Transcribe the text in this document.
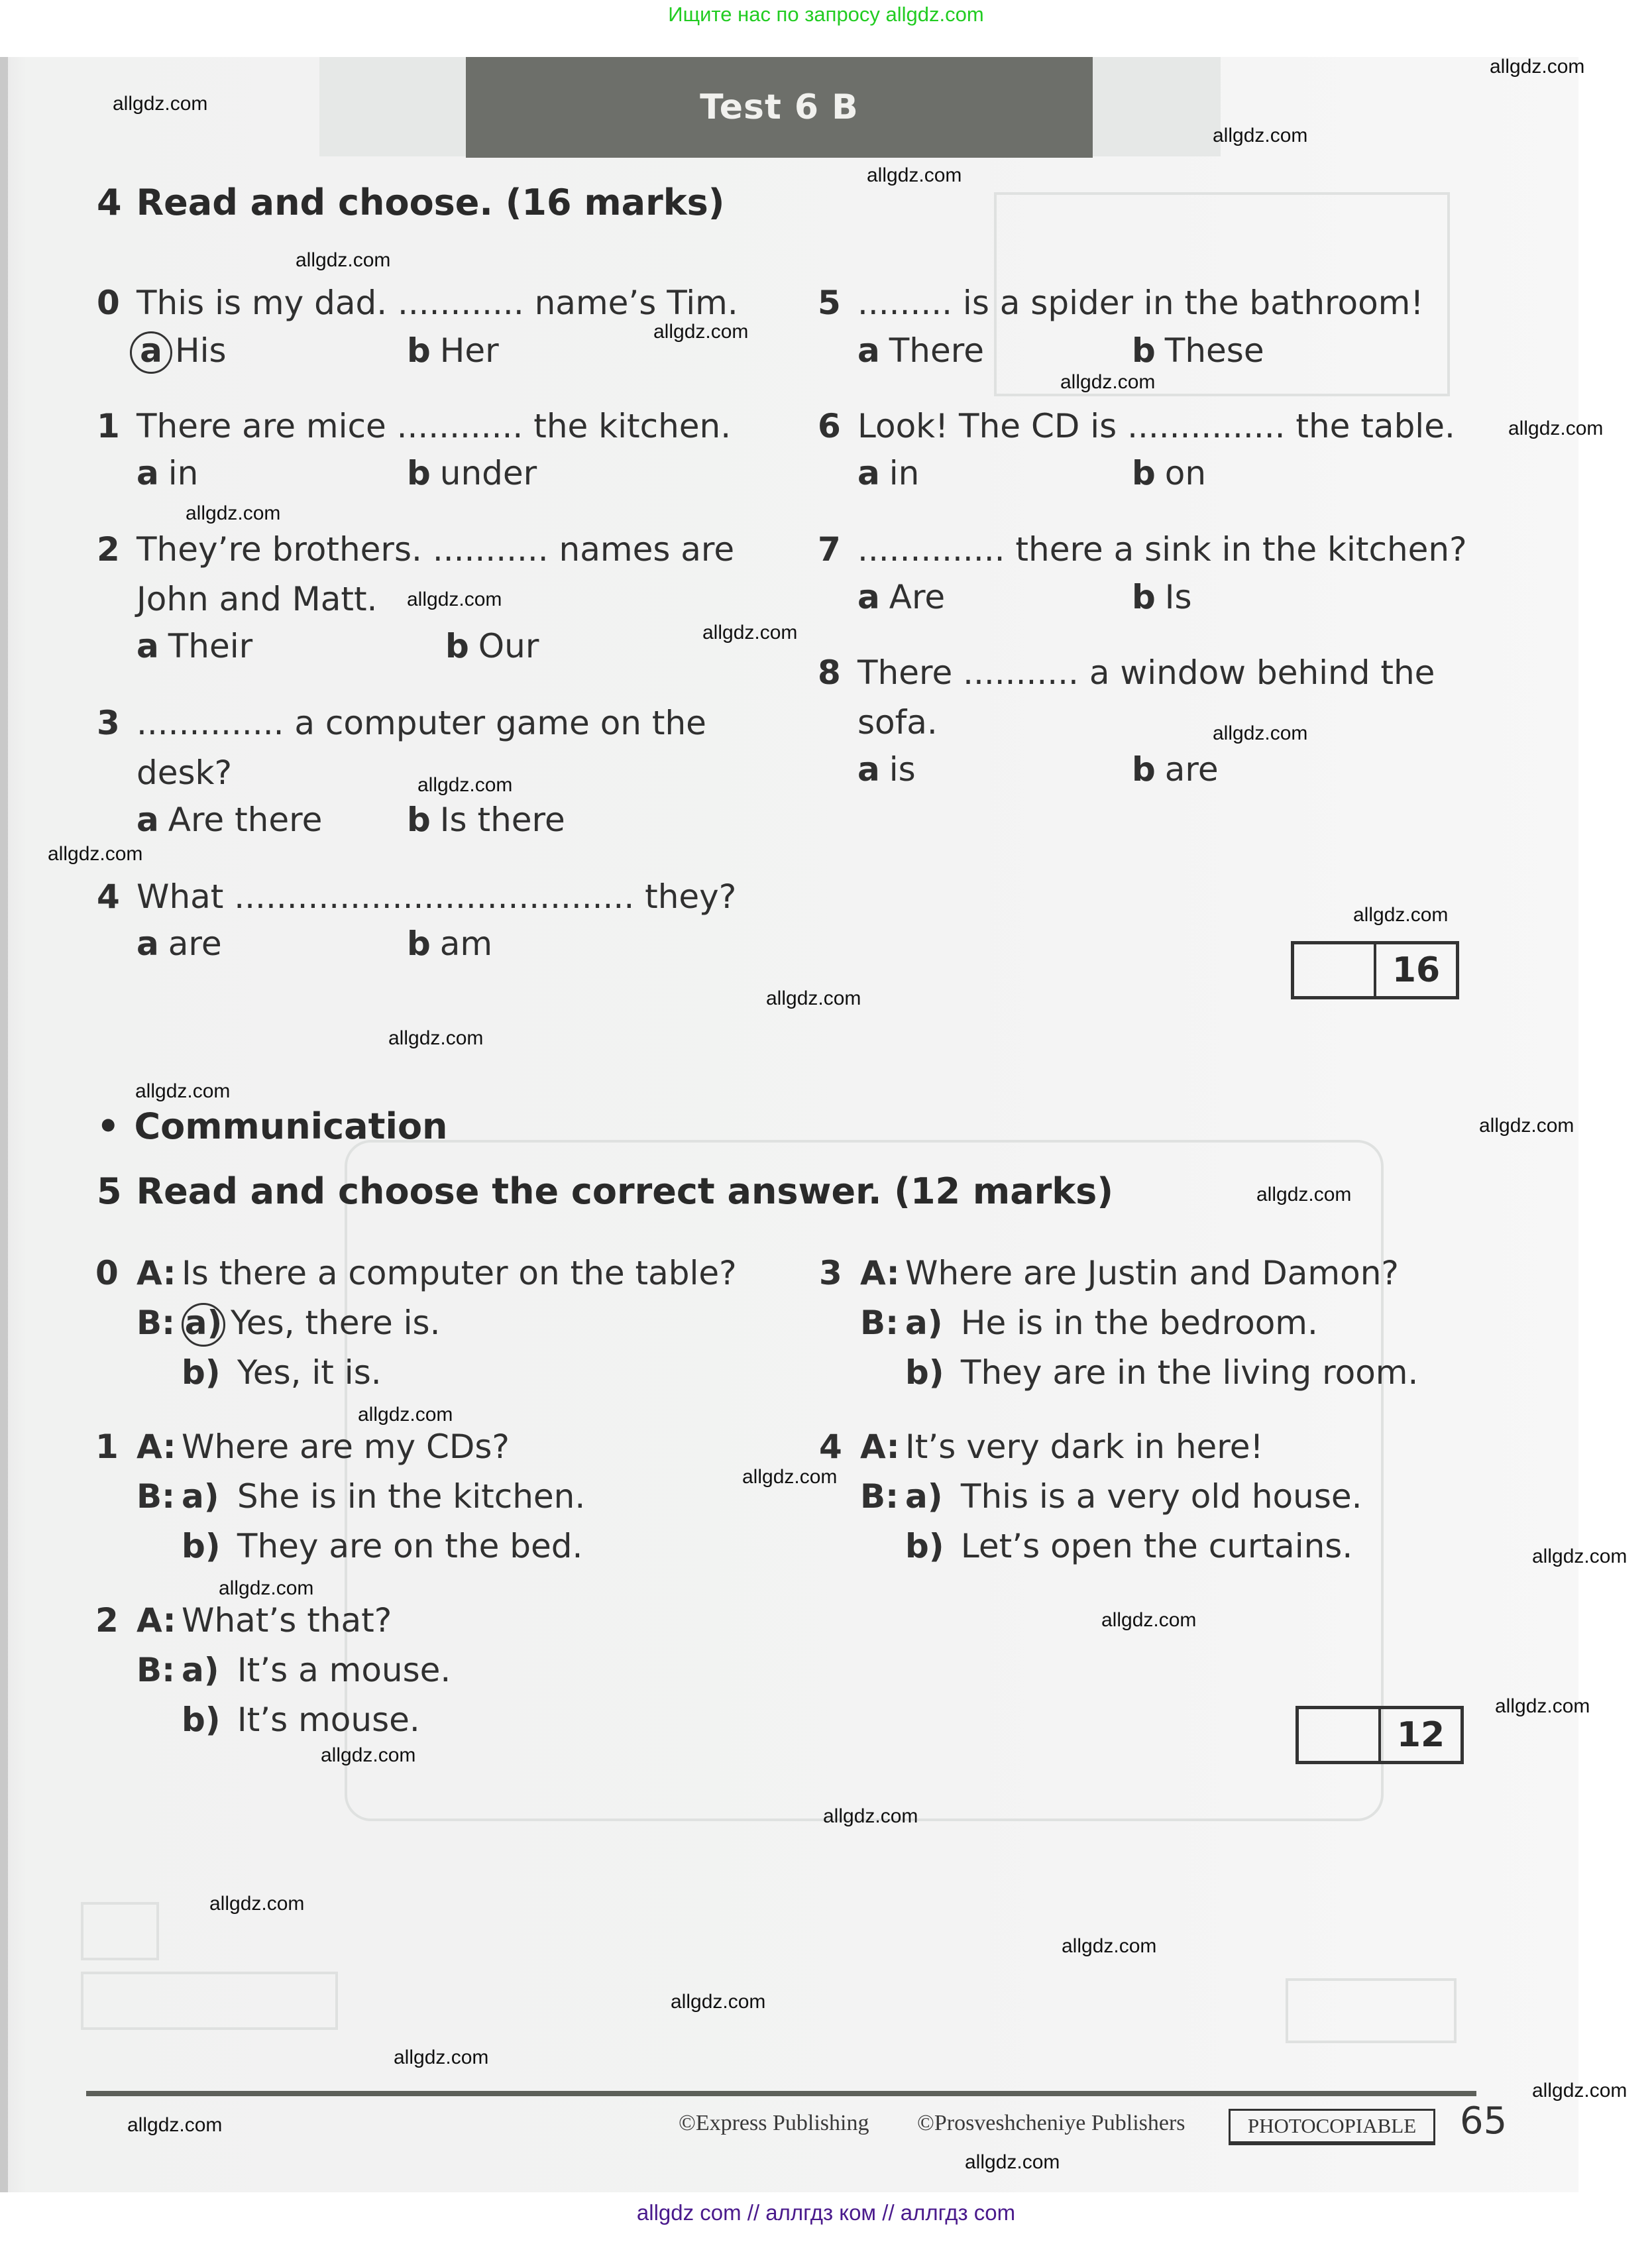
Ищите нас по запросу allgdz.com
Test 6 B
4 Read and choose. (16 marks)
0 This is my dad. ............ name’s Tim.
a His	b Her
1 There are mice ............ the kitchen.
a in	b under
2 They’re brothers. ........... names are
John and Matt.
a Their	b Our
3 .............. a computer game on the
desk?
a Are there	b Is there
4 What ...................................... they?
a are	b am
5 ......... is a spider in the bathroom!
a There	b These
6 Look! The CD is ............... the table.
a in	b on
7 .............. there a sink in the kitchen?
a Are	b Is
8 There ........... a window behind the
sofa.
a is	b are
16
• Communication
5 Read and choose the correct answer. (12 marks)
0 A: Is there a computer on the table?
B: a) Yes, there is.
b) Yes, it is.
1 A: Where are my CDs?
B: a) She is in the kitchen.
b) They are on the bed.
2 A: What’s that?
B: a) It’s a mouse.
b) It’s mouse.
3 A: Where are Justin and Damon?
B: a) He is in the bedroom.
b) They are in the living room.
4 A: It’s very dark in here!
B: a) This is a very old house.
b) Let’s open the curtains.
12
©Express Publishing ©Prosveshcheniye Publishers	PHOTOCOPIABLE	65
allgdz.com
allgdz.com
allgdz.com
allgdz.com
allgdz.com
allgdz.com
allgdz.com
allgdz.com
allgdz.com
allgdz.com
allgdz.com
allgdz.com
allgdz.com
allgdz.com
allgdz.com
allgdz.com
allgdz.com
allgdz.com
allgdz.com
allgdz.com
allgdz.com
allgdz.com
allgdz.com
allgdz.com
allgdz.com
allgdz.com
allgdz.com
allgdz.com
allgdz.com
allgdz.com
allgdz.com
allgdz.com
allgdz.com
allgdz.com
allgdz.com
allgdz com // аллгдз ком // аллгдз com
